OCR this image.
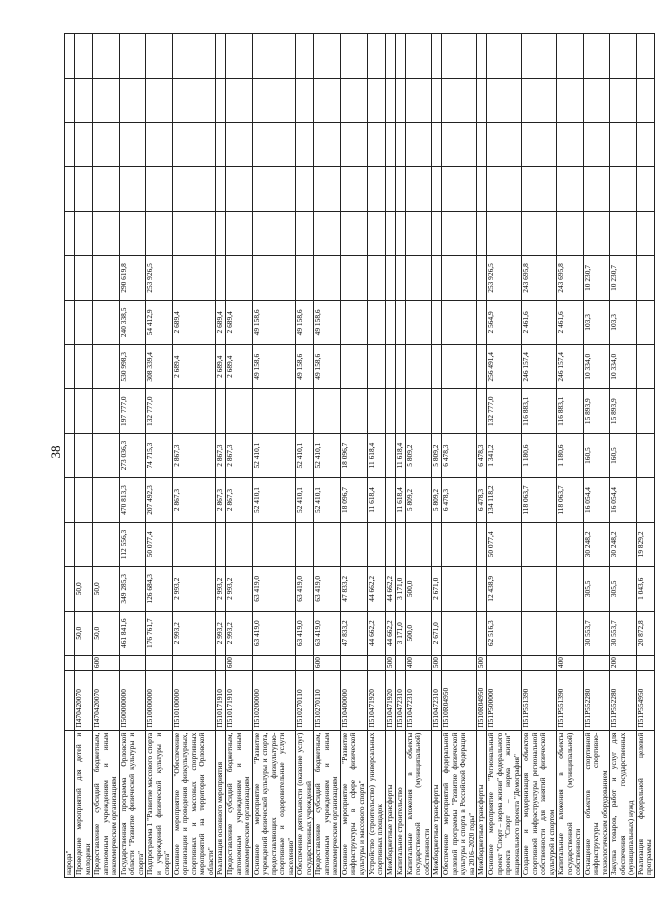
38
народа"																
Проведение мероприятий для детей и молодежи	П470420070		50,0	50,0												
Предоставление субсидий бюджетным, автономным учреждениям и иным некоммерческим организациям	П470420070	600	50,0	50,0												
Государственная программа Орловской области "Развитие физической культуры и спорта"	П500000000		461 841,6	349 285,3	112 556,3	470 813,3	273 036,3	197 777,0	530 998,3	240 338,5	290 619,8					
Подпрограмма 1 "Развитие массового спорта и учреждений физической культуры и спорта"	П510000000		176 761,7	126 684,3	50 077,4	207 492,3	74 715,3	132 777,0	308 339,4	54 412,9	253 926,5					
Основное мероприятие "Обеспечение организации и проведения физкультурных, спортивных и массовых спортивных мероприятий на территории Орловской области"	П510100000		2 993,2	2 993,2		2 867,3	2 867,3		2 689,4	2 689,4						
Реализация основного мероприятия	П510171910		2 993,2	2 993,2		2 867,3	2 867,3		2 689,4	2 689,4						
Предоставление субсидий бюджетным, автономным учреждениям и иным некоммерческим организациям	П510171910	600	2 993,2	2 993,2		2 867,3	2 867,3		2 689,4	2 689,4						
Основное мероприятие "Развитие учреждений физической культуры и спорта, предоставляющих физкультурно-спортивные и оздоровительные услуги населению"	П510200000		63 419,0	63 419,0		52 410,1	52 410,1		49 158,6	49 158,6						
Обеспечение деятельности (оказание услуг) государственных учреждений	П510270110		63 419,0	63 419,0		52 410,1	52 410,1		49 158,6	49 158,6						
Предоставление субсидий бюджетным, автономным учреждениям и иным некоммерческим организациям	П510270110	600	63 419,0	63 419,0		52 410,1	52 410,1		49 158,6	49 158,6						
Основное мероприятие "Развитие инфраструктуры в сфере физической культуры и массового спорта"	П510400000		47 833,2	47 833,2		18 096,7	18 096,7									
Устройство (строительство) универсальных спортивных площадок	П510471920		44 662,2	44 662,2		11 618,4	11 618,4									
Межбюджетные трансферты	П510471920	500	44 662,2	44 662,2												
Капитальное строительство	П510472310		3 171,0	3 171,0		11 618,4	11 618,4									
Капитальные вложения в объекты государственной (муниципальной) собственности	П510472310	400	500,0	500,0		5 809,2	5 809,2									
Межбюджетные трансферты	П510472310	500	2 671,0	2 671,0		5 809,2	5 809,2									
Обеспечение мероприятий федеральной целевой программы "Развитие физической культуры и спорта в Российской Федерации на 2016–2020 годы"	П510R04950					6 478,3	6 478,3									
Межбюджетные трансферты	П510R04950	500				6 478,3	6 478,3									
Основное мероприятие "Региональный проект "Спорт – норма жизни" федерального проекта "Спорт – норма жизни" национального проекта "Демография"	П51Р500000		62 516,3	12 438,9	50 077,4	134 118,2	1 341,2	132 777,0	256 491,4	2 564,9	253 926,5					
Создание и модернизация объектов спортивной инфраструктуры региональной собственности для занятий физической культурой и спортом	П51Р551390					118 063,7	1 180,6	116 883,1	246 157,4	2 461,6	243 695,8					
Капитальные вложения в объекты государственной (муниципальной) собственности	П51Р551390	400				118 063,7	1 180,6	116 883,1	246 157,4	2 461,6	243 695,8					
Оснащение объектов спортивной инфраструктуры спортивно-технологическим оборудованием	П51Р552280		30 553,7	305,5	30 248,2	16 054,4	160,5	15 893,9	10 334,0	103,3	10 230,7					
Закупка товаров, работ и услуг для обеспечения государственных (муниципальных) нужд	П51Р552280	200	30 553,7	305,5	30 248,2	16 054,4	160,5	15 893,9	10 334,0	103,3	10 230,7					
Реализация федеральной целевой программы	П51Р554950		20 872,8	1 043,6	19 829,2											
